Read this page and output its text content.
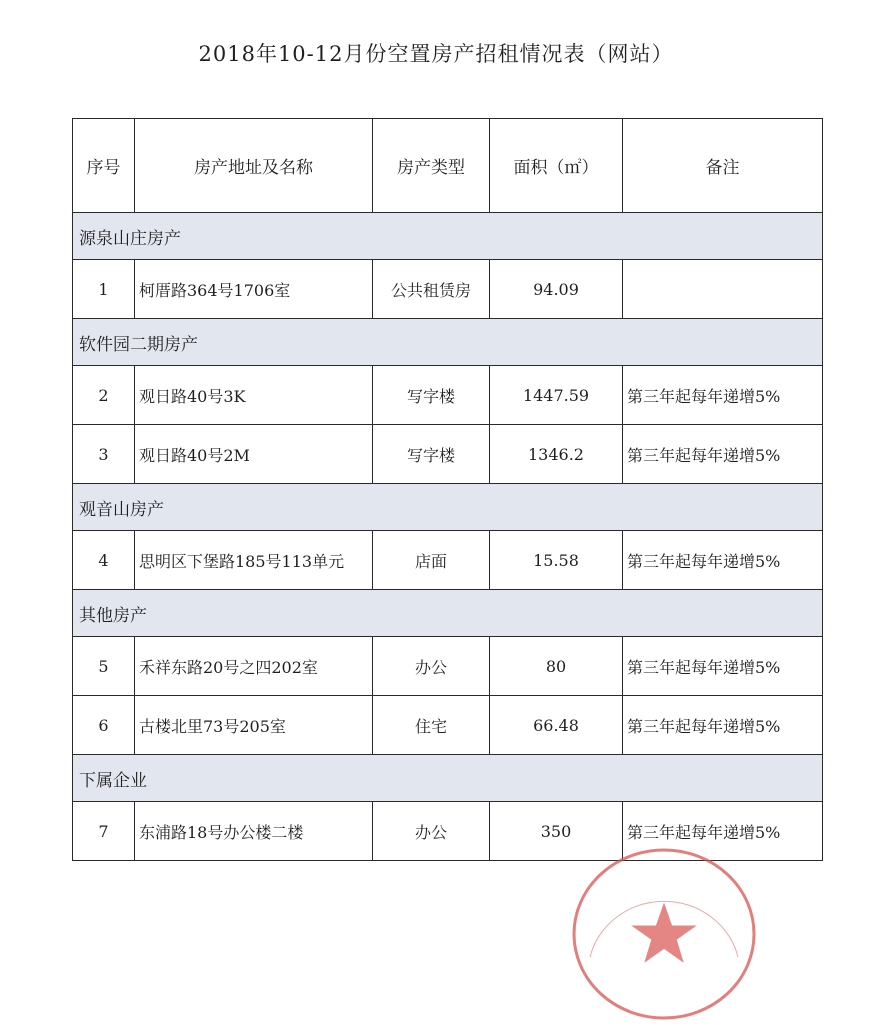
2018年10-12月份空置房产招租情况表（网站）
序号	房产地址及名称	房产类型	面积（㎡）	备注
源泉山庄房产				
1	柯厝路364号1706室	公共租赁房	94.09	
软件园二期房产				
2	观日路40号3K	写字楼	1447.59	第三年起每年递增5%
3	观日路40号2M	写字楼	1346.2	第三年起每年递增5%
观音山房产				
4	思明区下堡路185号113单元	店面	15.58	第三年起每年递增5%
其他房产				
5	禾祥东路20号之四202室	办公	80	第三年起每年递增5%
6	古楼北里73号205室	住宅	66.48	第三年起每年递增5%
下属企业				
7	东浦路18号办公楼二楼	办公	350	第三年起每年递增5%
